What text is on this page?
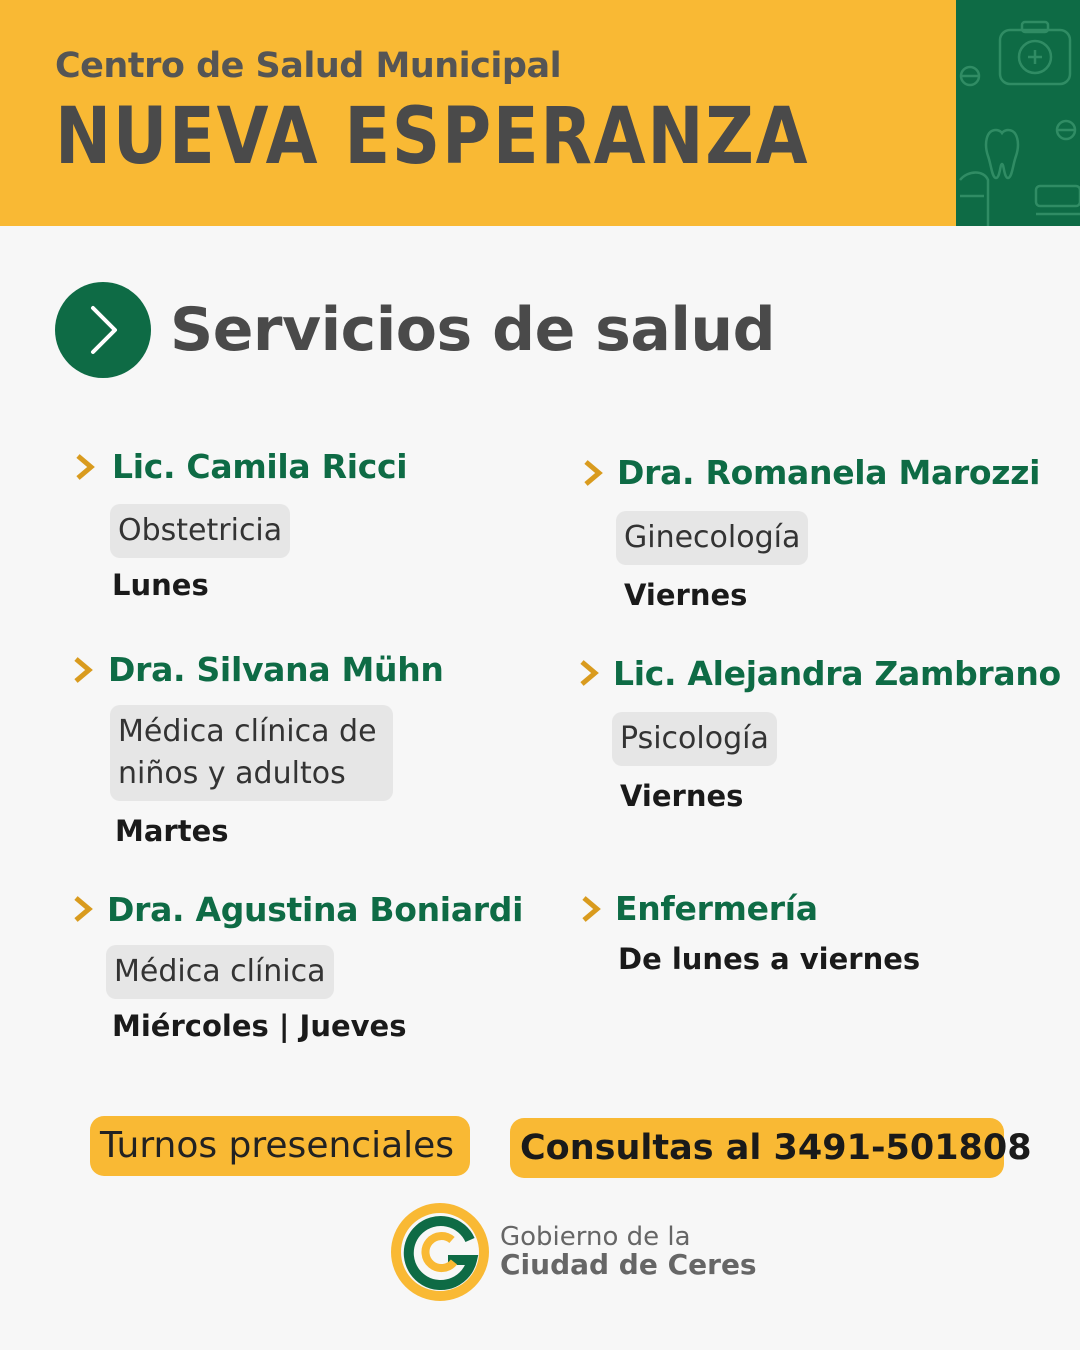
Centro de Salud Municipal
NUEVA ESPERANZA
Servicios de salud
Lic. Camila Ricci
Obstetricia
Lunes
Dra. Romanela Marozzi
Ginecología
Viernes
Dra. Silvana Mühn
Médica clínica de
niños y adultos
Martes
Lic. Alejandra Zambrano
Psicología
Viernes
Dra. Agustina Boniardi
Médica clínica
Miércoles | Jueves
Enfermería
De lunes a viernes
Turnos presenciales	Consultas al 3491-501808
Gobierno de la
Ciudad de Ceres
